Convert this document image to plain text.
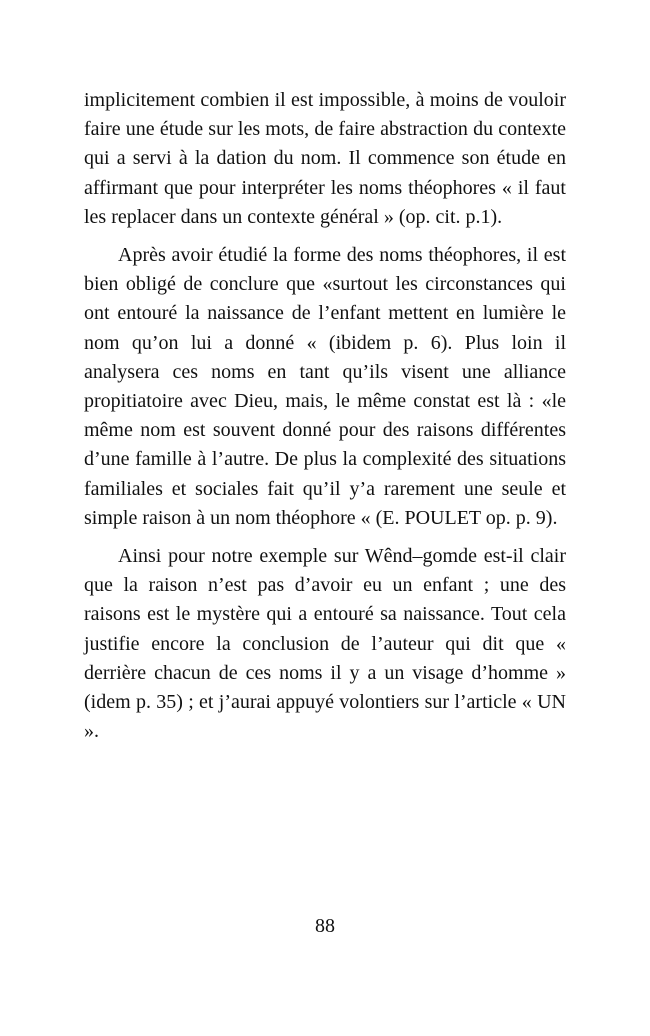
implicitement combien il est impossible, à moins de vouloir faire une étude sur les mots, de faire abstraction du contexte qui a servi à la dation du nom. Il commence son étude en affirmant que pour interpréter les noms théophores « il faut les replacer dans un contexte général » (op. cit. p.1).

Après avoir étudié la forme des noms théophores, il est bien obligé de conclure que «surtout les circonstances qui ont entouré la naissance de l’enfant mettent en lumière le nom qu’on lui a donné « (ibidem p. 6). Plus loin il analysera ces noms en tant qu’ils visent une alliance propitiatoire avec Dieu, mais, le même constat est là : «le même nom est souvent donné pour des raisons différentes d’une famille à l’autre. De plus la complexité des situations familiales et sociales fait qu’il y’a rarement une seule et simple raison à un nom théophore « (E. POULET op. p. 9).

Ainsi pour notre exemple sur Wênd–gomde est-il clair que la raison n’est pas d’avoir eu un enfant ; une des raisons est le mystère qui a entouré sa naissance. Tout cela justifie encore la conclusion de l’auteur qui dit que « derrière chacun de ces noms il y a un visage d’homme » (idem p. 35) ; et j’aurai appuyé volontiers sur l’article « UN ».

88
